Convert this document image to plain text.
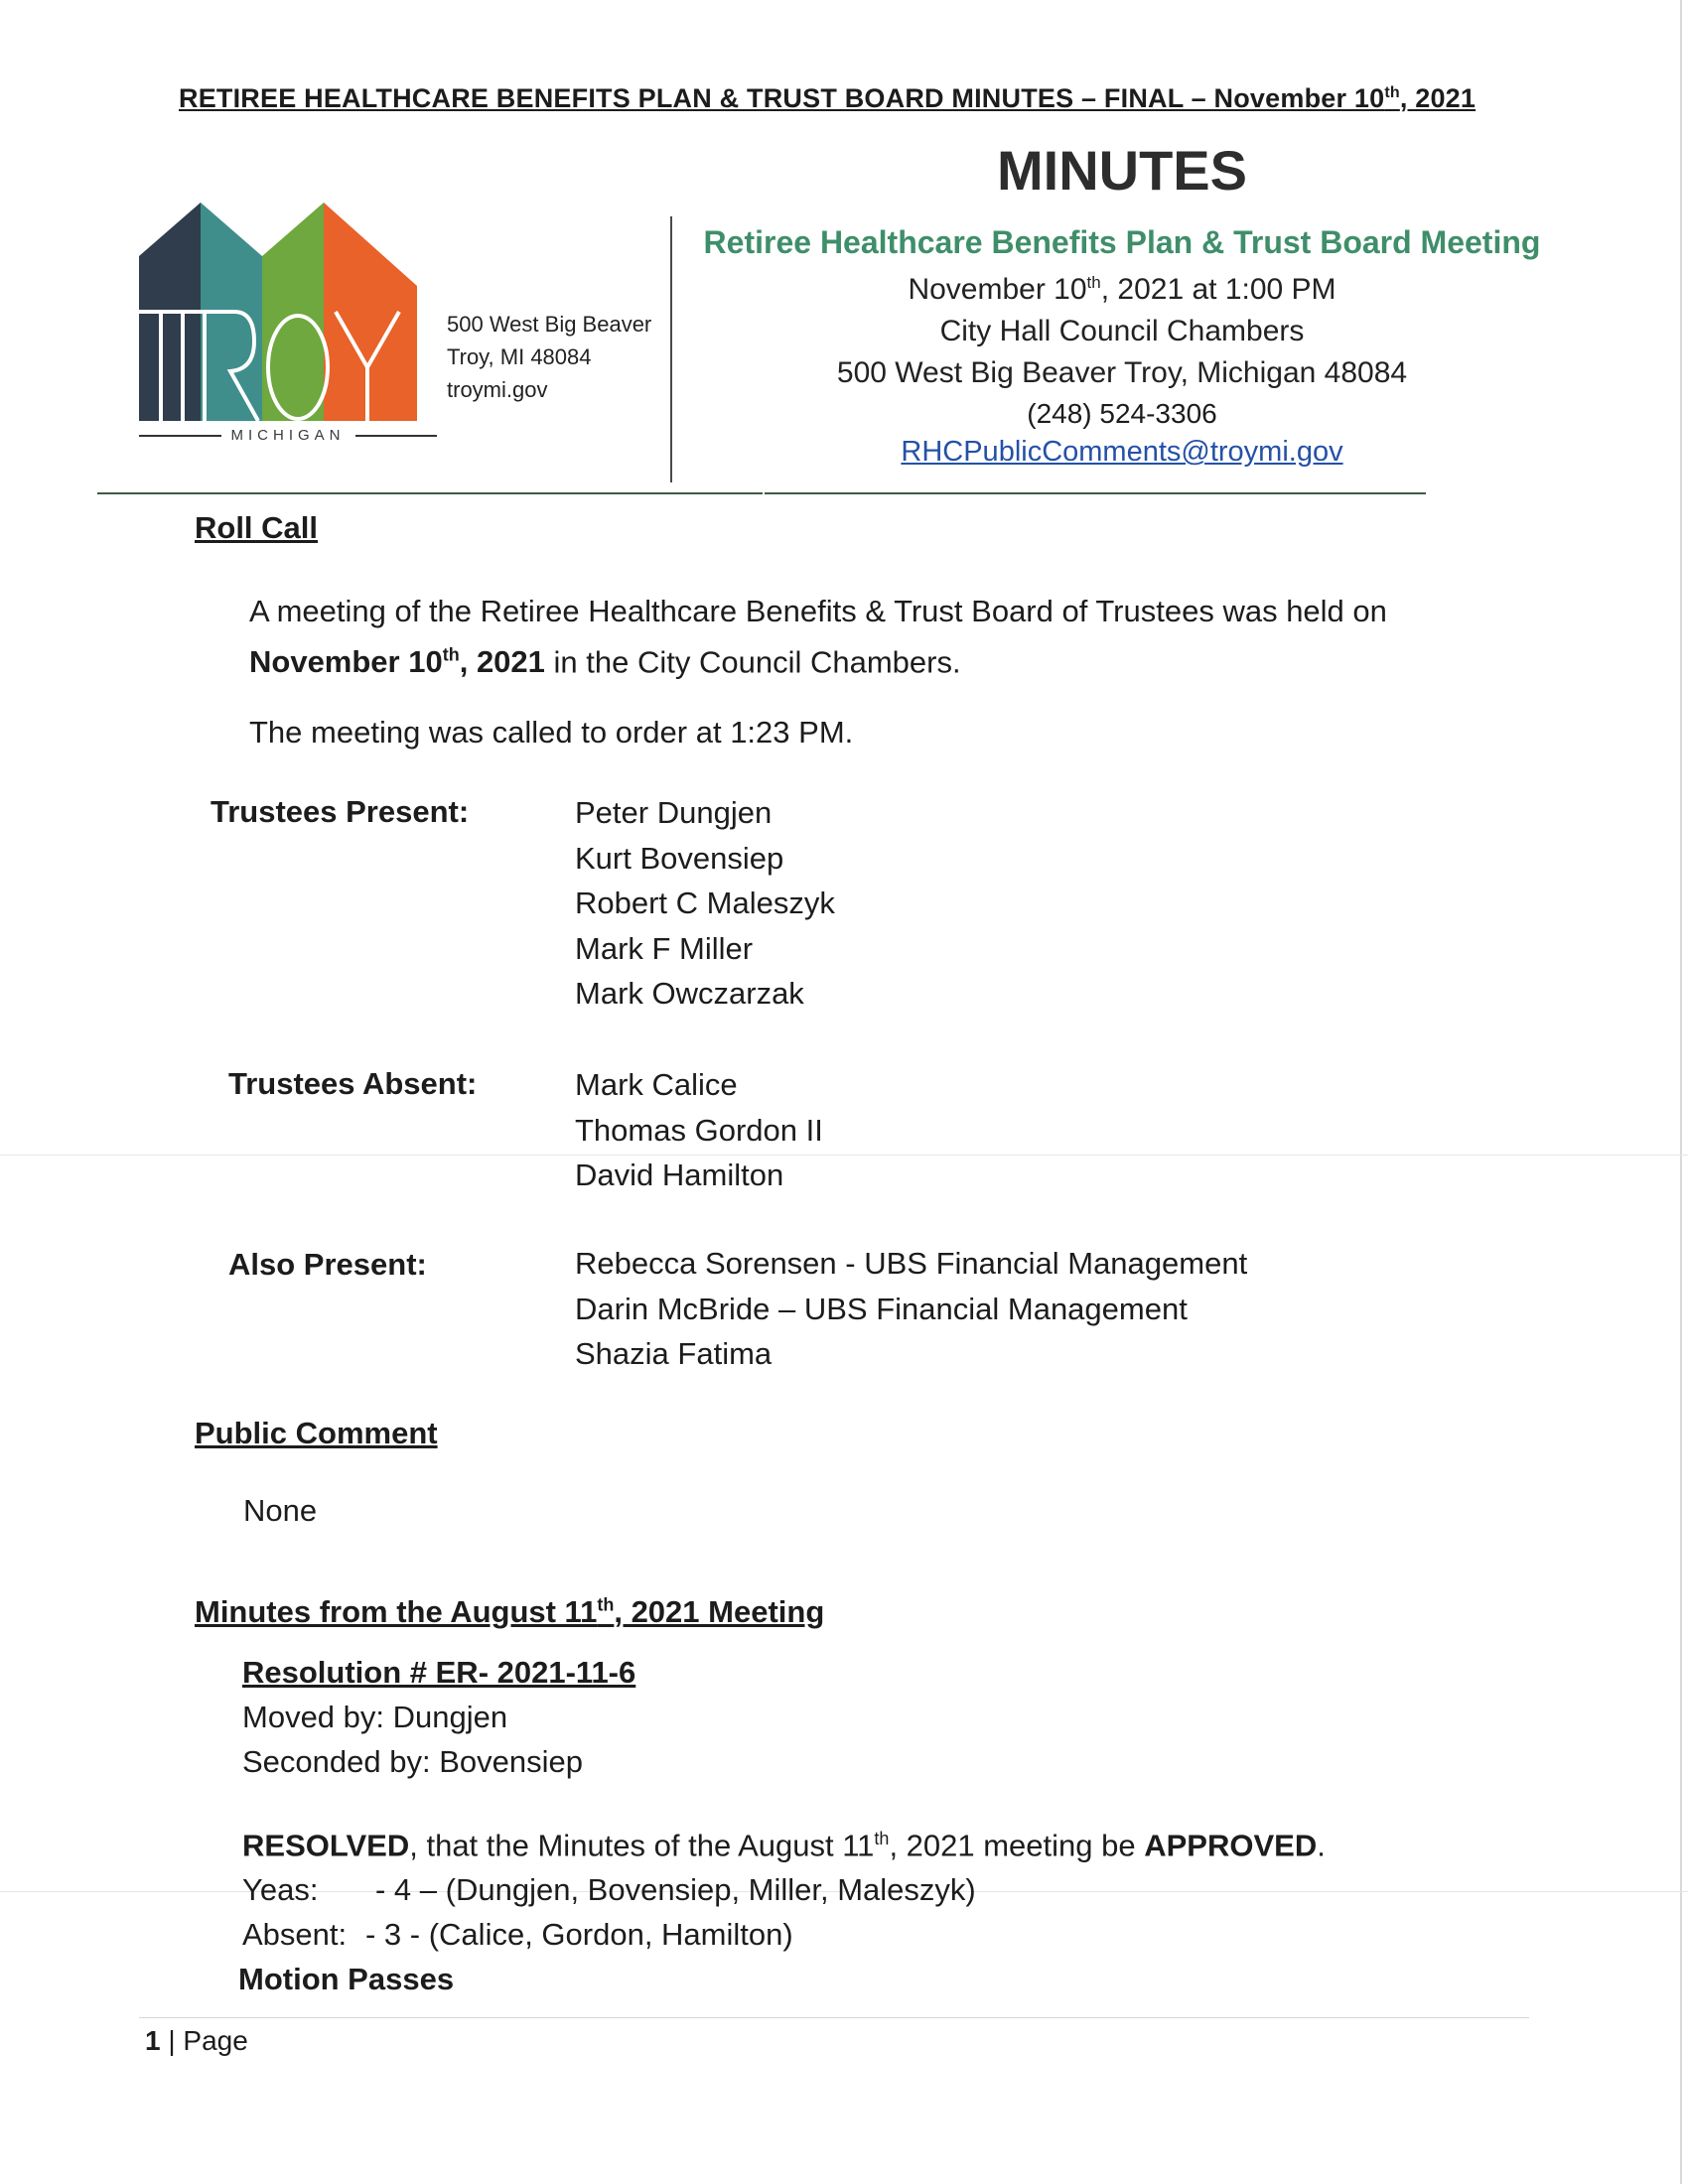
RETIREE HEALTHCARE BENEFITS PLAN & TRUST BOARD MINUTES – FINAL – November 10th, 2021
MICHIGAN
500 West Big Beaver
Troy, MI 48084
troymi.gov
MINUTES
Retiree Healthcare Benefits Plan & Trust Board Meeting
November 10th, 2021 at 1:00 PM
City Hall Council Chambers
500 West Big Beaver Troy, Michigan 48084
(248) 524-3306
RHCPublicComments@troymi.gov
Roll Call
A meeting of the Retiree Healthcare Benefits & Trust Board of Trustees was held on
November 10th, 2021 in the City Council Chambers.
The meeting was called to order at 1:23 PM.
Trustees Present:	Peter Dungjen
Kurt Bovensiep
Robert C Maleszyk
Mark F Miller
Mark Owczarzak
Trustees Absent:	Mark Calice
Thomas Gordon II
David Hamilton
Also Present:	Rebecca Sorensen - UBS Financial Management
Darin McBride – UBS Financial Management
Shazia Fatima
Public Comment
None
Minutes from the August 11th, 2021 Meeting
Resolution # ER- 2021-11-6
Moved by: Dungjen
Seconded by: Bovensiep
RESOLVED, that the Minutes of the August 11th, 2021 meeting be APPROVED.
Yeas: - 4 – (Dungjen, Bovensiep, Miller, Maleszyk)
Absent: - 3 - (Calice, Gordon, Hamilton)
Motion Passes
1 | Page
